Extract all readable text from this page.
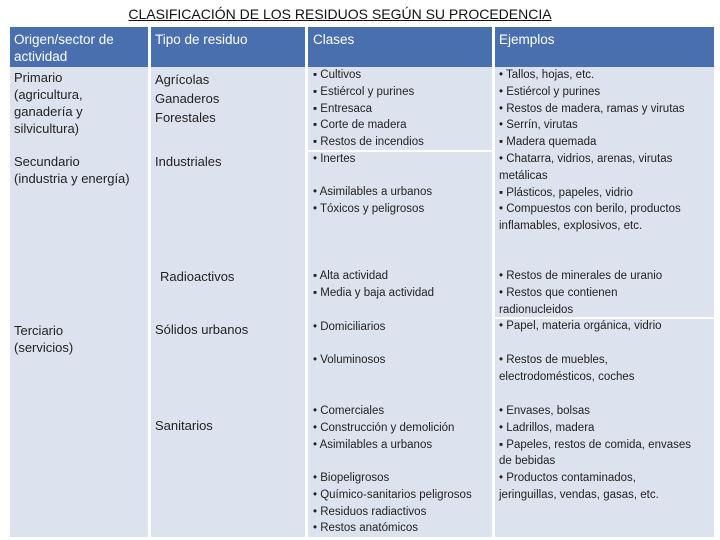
CLASIFICACIÓN DE LOS RESIDUOS SEGÚN SU PROCEDENCIA
Origen/sector de actividad
Tipo de residuo	Clases	Ejemplos
Primario
(agricultura,
ganadería y
silvicultura)
Secundario
(industria y energía)
Terciario
(servicios)
Agrícolas
Ganaderos
Forestales
Industriales
Radioactivos
Sólidos urbanos
Sanitarios
▪ Cultivos
▪ Estiércol y purines
▪ Entresaca
▪ Corte de madera
▪ Restos de incendios
• Inertes
• Asimilables a urbanos
• Tóxicos y peligrosos
▪ Alta actividad
▪ Media y baja actividad
• Domiciliarios
• Voluminosos
• Comerciales
• Construcción y demolición
• Asimilables a urbanos
• Biopeligrosos
• Químico-sanitarios peligrosos
• Residuos radiactivos
• Restos anatómicos
• Tallos, hojas, etc.
• Estiércol y purines
• Restos de madera, ramas y virutas
• Serrín, virutas
▪ Madera quemada
• Chatarra, vidrios, arenas, virutas
metálicas
▪ Plásticos, papeles, vidrio
• Compuestos con berilo, productos
inflamables, explosivos, etc.
• Restos de minerales de uranio
• Restos que contienen
radionucleidos
• Papel, materia orgánica, vidrio
• Restos de muebles,
electrodomésticos, coches
• Envases, bolsas
• Ladrillos, madera
▪ Papeles, restos de comida, envases
de bebidas
• Productos contaminados,
jeringuillas, vendas, gasas, etc.
